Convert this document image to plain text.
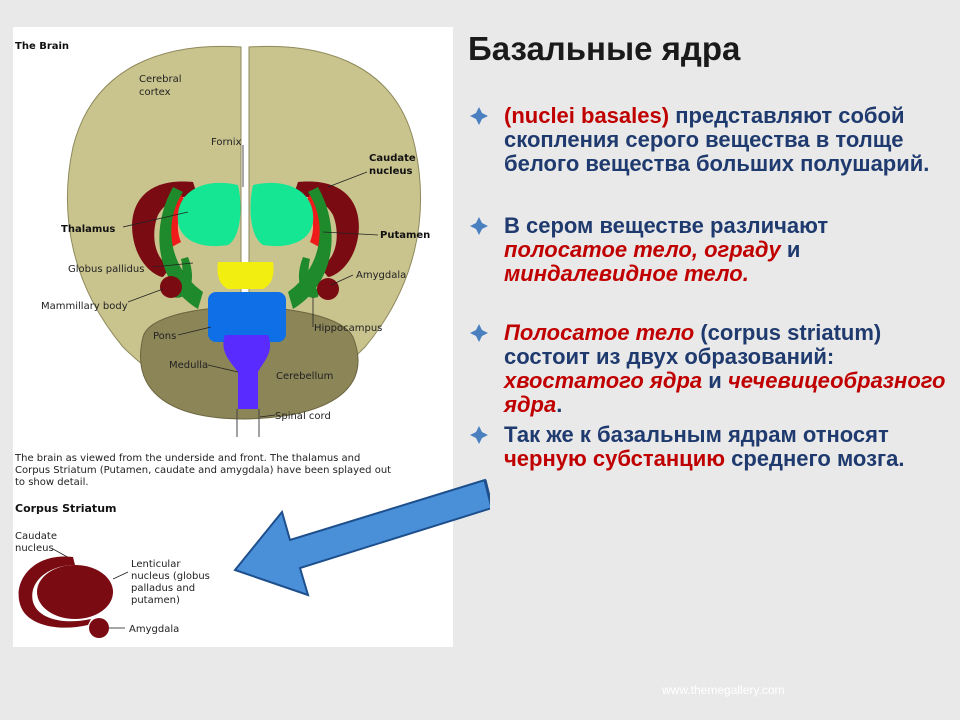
The Brain
Cerebral
cortex
Fornix
Caudate
nucleus
Thalamus
Putamen
Globus pallidus
Amygdala
Mammillary body
Hippocampus
Pons
Medulla
Cerebellum
Spinal cord
The brain as viewed from the underside and front. The thalamus and
Corpus Striatum (Putamen, caudate and amygdala) have been splayed out
to show detail.
Corpus Striatum
Caudate
nucleus
Lenticular
nucleus (globus
palladus and
putamen)
Amygdala
Базальные ядра
(nuclei basales) представляют собой скопления серого вещества в толще белого вещества больших полушарий.
В сером веществе различают полосатое тело, ограду и миндалевидное тело.
Полосатое тело (corpus striatum) состоит из двух образований: хвостатого ядра и чечевицеобразного ядра.
Так же к базальным ядрам относят черную субстанцию среднего мозга.
www.themegallery.com
